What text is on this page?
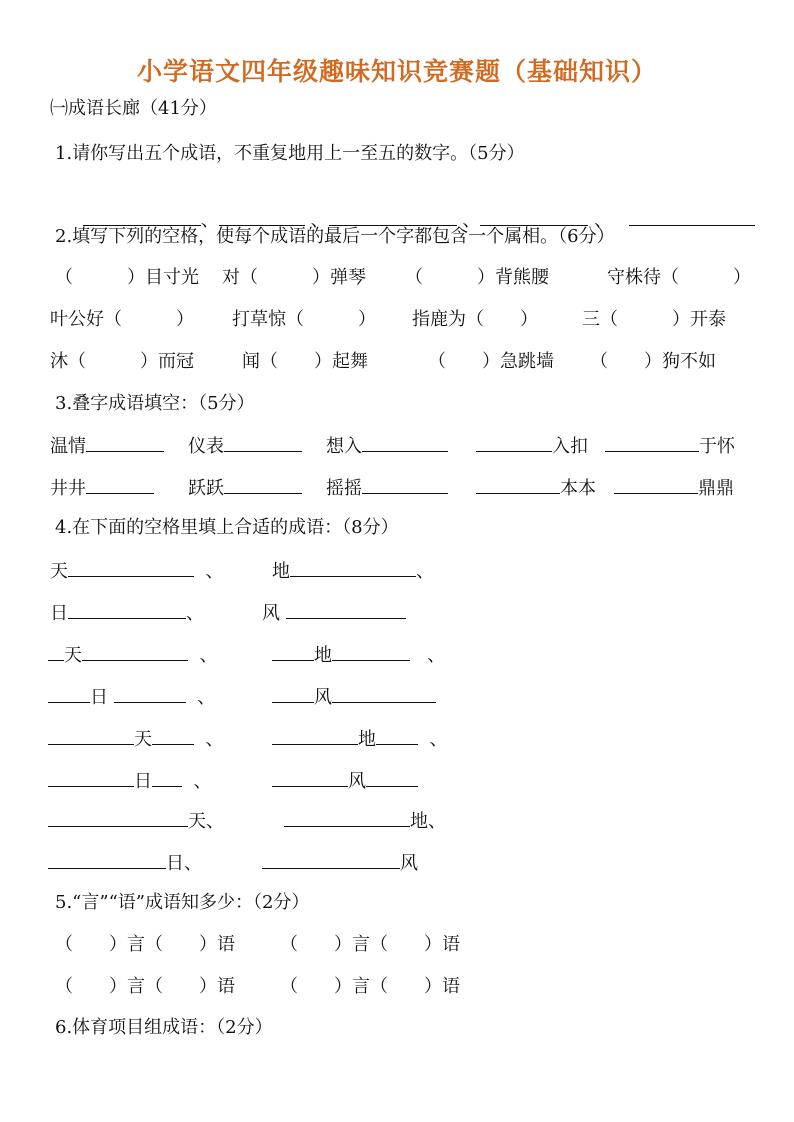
小学语文四年级趣味知识竞赛题（基础知识）
㈠成语长廊（41分）
1.请你写出五个成语，不重复地用上一至五的数字。（5分）

、	、	、	、

2.填写下列的空格，使每个成语的最后一个字都包含一个属相。（6分）
（　　　）目寸光 对（　　　）弹琴 （　　　）背熊腰	守株待（　　　）
叶公好（　　　） 打草惊（　　　） 指鹿为（　　） 三（　　　）开泰
沐（　　　）而冠	闻（　　）起舞	（　　）急跳墙 （　　）狗不如
3.叠字成语填空：（5分）
温情	仪表	想入	入扣	于怀
井井	跃跃	摇摇	本本	鼎鼎
4.在下面的空格里填上合适的成语：（8分）
天	、	地	、
日	、	风
天	、	地	、
日	、	风
天	、	地	、
日 、	风
天、	地、
日、	风
5.“言”“语”成语知多少：（2分）
（　　）言（　　）语	（　　）言（　　）语
（　　）言（　　）语	（　　）言（　　）语
6.体育项目组成语：（2分）
